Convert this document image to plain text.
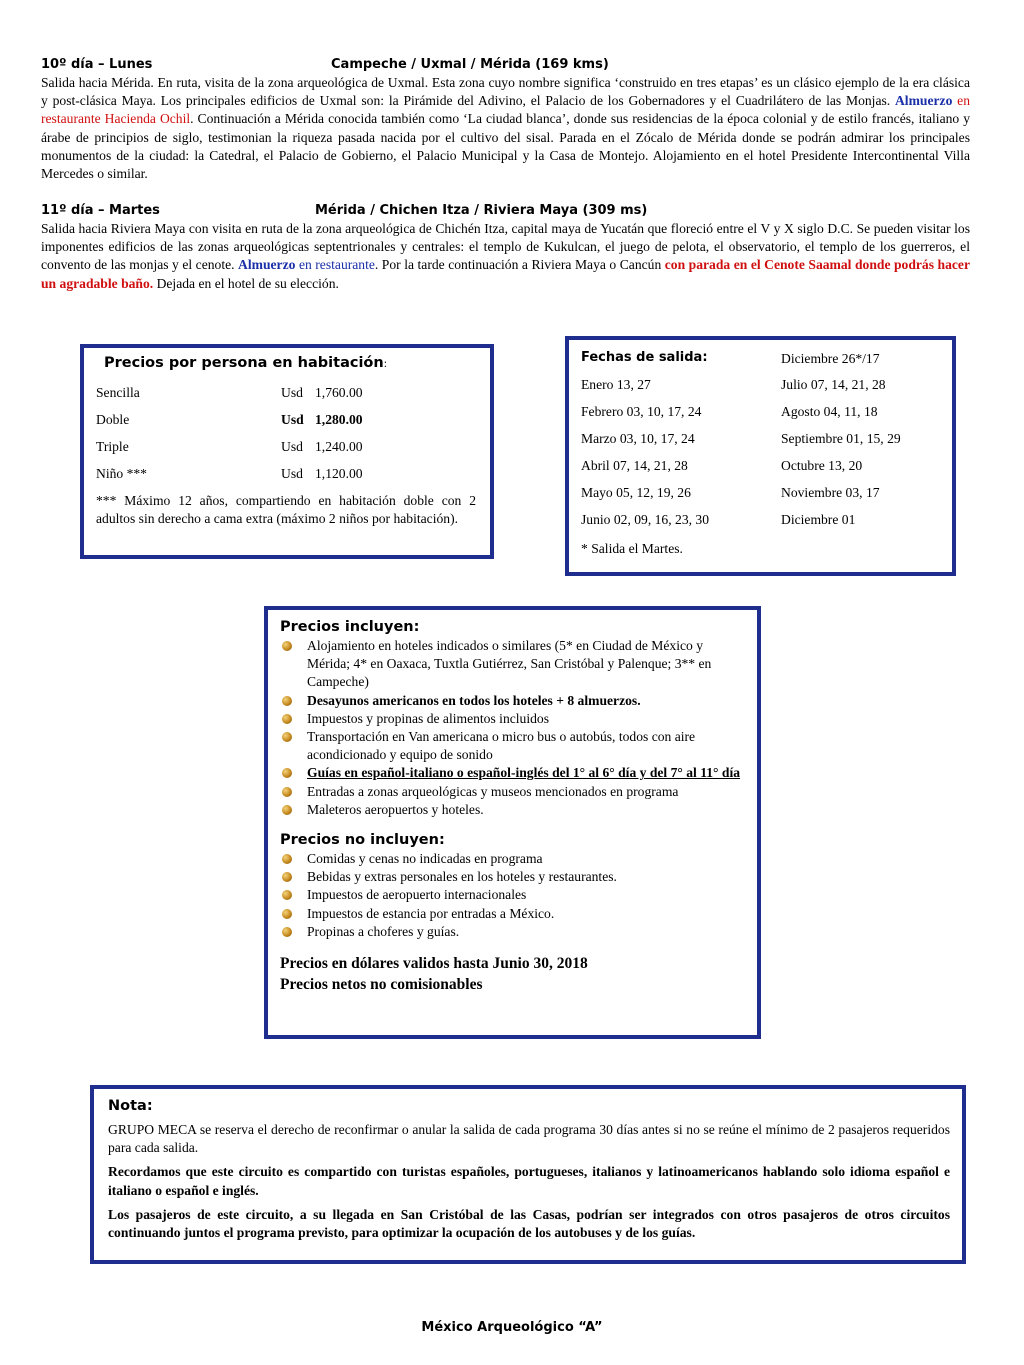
10º día – Lunes	Campeche / Uxmal / Mérida (169 kms)

Salida hacia Mérida. En ruta, visita de la zona arqueológica de Uxmal. Esta zona cuyo nombre significa ‘construido en tres etapas’ es un clásico ejemplo de la era clásica y post-clásica Maya. Los principales edificios de Uxmal son: la Pirámide del Adivino, el Palacio de los Gobernadores y el Cuadrilátero de las Monjas. Almuerzo en restaurante Hacienda Ochil. Continuación a Mérida conocida también como ‘La ciudad blanca’, donde sus residencias de la época colonial y de estilo francés, italiano y árabe de principios de siglo, testimonian la riqueza pasada nacida por el cultivo del sisal. Parada en el Zócalo de Mérida donde se podrán admirar los principales monumentos de la ciudad: la Catedral, el Palacio de Gobierno, el Palacio Municipal y la Casa de Montejo. Alojamiento en el hotel Presidente Intercontinental Villa Mercedes o similar.

11º día – Martes	Mérida / Chichen Itza / Riviera Maya (309 ms)

Salida hacia Riviera Maya con visita en ruta de la zona arqueológica de Chichén Itza, capital maya de Yucatán que floreció entre el V y X siglo D.C. Se pueden visitar los imponentes edificios de las zonas arqueológicas septentrionales y centrales: el templo de Kukulcan, el juego de pelota, el observatorio, el templo de los guerreros, el convento de las monjas y el cenote. Almuerzo en restaurante. Por la tarde continuación a Riviera Maya o Cancún con parada en el Cenote Saamal donde podrás hacer un agradable baño. Dejada en el hotel de su elección.

Precios por persona en habitación:
Sencilla	Usd 1,760.00
Doble	Usd 1,280.00
Triple	Usd 1,240.00
Niño ***	Usd 1,120.00

*** Máximo 12 años, compartiendo en habitación doble con 2 adultos sin derecho a cama extra (máximo 2 niños por habitación).

Fechas de salida:	Diciembre 26*/17
Enero 13, 27	Julio 07, 14, 21, 28
Febrero 03, 10, 17, 24	Agosto 04, 11, 18
Marzo 03, 10, 17, 24	Septiembre 01, 15, 29
Abril 07, 14, 21, 28	Octubre 13, 20
Mayo 05, 12, 19, 26	Noviembre 03, 17
Junio 02, 09, 16, 23, 30	Diciembre 01
* Salida el Martes.
Precios incluyen:
Alojamiento en hoteles indicados o similares (5* en Ciudad de México y Mérida; 4* en Oaxaca, Tuxtla Gutiérrez, San Cristóbal y Palenque; 3** en Campeche)
Desayunos americanos en todos los hoteles + 8 almuerzos.
Impuestos y propinas de alimentos incluidos
Transportación en Van americana o micro bus o autobús, todos con aire acondicionado y equipo de sonido
Guías en español-italiano o español-inglés del 1° al 6° día y del 7° al 11° día
Entradas a zonas arqueológicas y museos mencionados en programa
Maleteros aeropuertos y hoteles.
Precios no incluyen:
Comidas y cenas no indicadas en programa
Bebidas y extras personales en los hoteles y restaurantes.
Impuestos de aeropuerto internacionales
Impuestos de estancia por entradas a México.
Propinas a choferes y guías.
Precios en dólares validos hasta Junio 30, 2018
Precios netos no comisionables
Nota:

GRUPO MECA se reserva el derecho de reconfirmar o anular la salida de cada programa 30 días antes si no se reúne el mínimo de 2 pasajeros requeridos para cada salida.

Recordamos que este circuito es compartido con turistas españoles, portugueses, italianos y latinoamericanos hablando solo idioma español e italiano o español e inglés.

Los pasajeros de este circuito, a su llegada en San Cristóbal de las Casas, podrían ser integrados con otros pasajeros de otros circuitos continuando juntos el programa previsto, para optimizar la ocupación de los autobuses y de los guías.

México Arqueológico “A”
